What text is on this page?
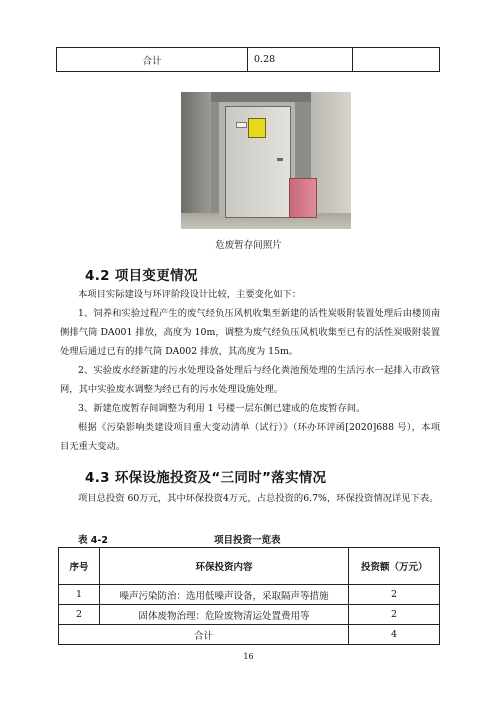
合计	0.28	
危废暂存间照片
4.2 项目变更情况

本项目实际建设与环评阶段设计比较，主要变化如下：

1、饲养和实验过程产生的废气经负压风机收集至新建的活性炭吸附装置处理后由楼顶南侧排气筒 DA001 排放，高度为 10m，调整为废气经负压风机收集至已有的活性炭吸附装置处理后通过已有的排气筒 DA002 排放，其高度为 15m。

2、实验废水经新建的污水处理设备处理后与经化粪池预处理的生活污水一起排入市政管网，其中实验废水调整为经已有的污水处理设施处理。

3、新建危废暂存间调整为利用 1 号楼一层东侧已建成的危废暂存间。

根据《污染影响类建设项目重大变动清单（试行）》（环办环评函[2020]688 号），本项目无重大变动。

4.3 环保设施投资及“三同时”落实情况

项目总投资 60万元，其中环保投资4万元，占总投资的6.7%，环保投资情况详见下表。

表 4-2	项目投资一览表
序号	环保投资内容	投资额（万元）
1	噪声污染防治：选用低噪声设备，采取隔声等措施	2
2	固体废物治理：危险废物清运处置费用等	2
合计		4
16
